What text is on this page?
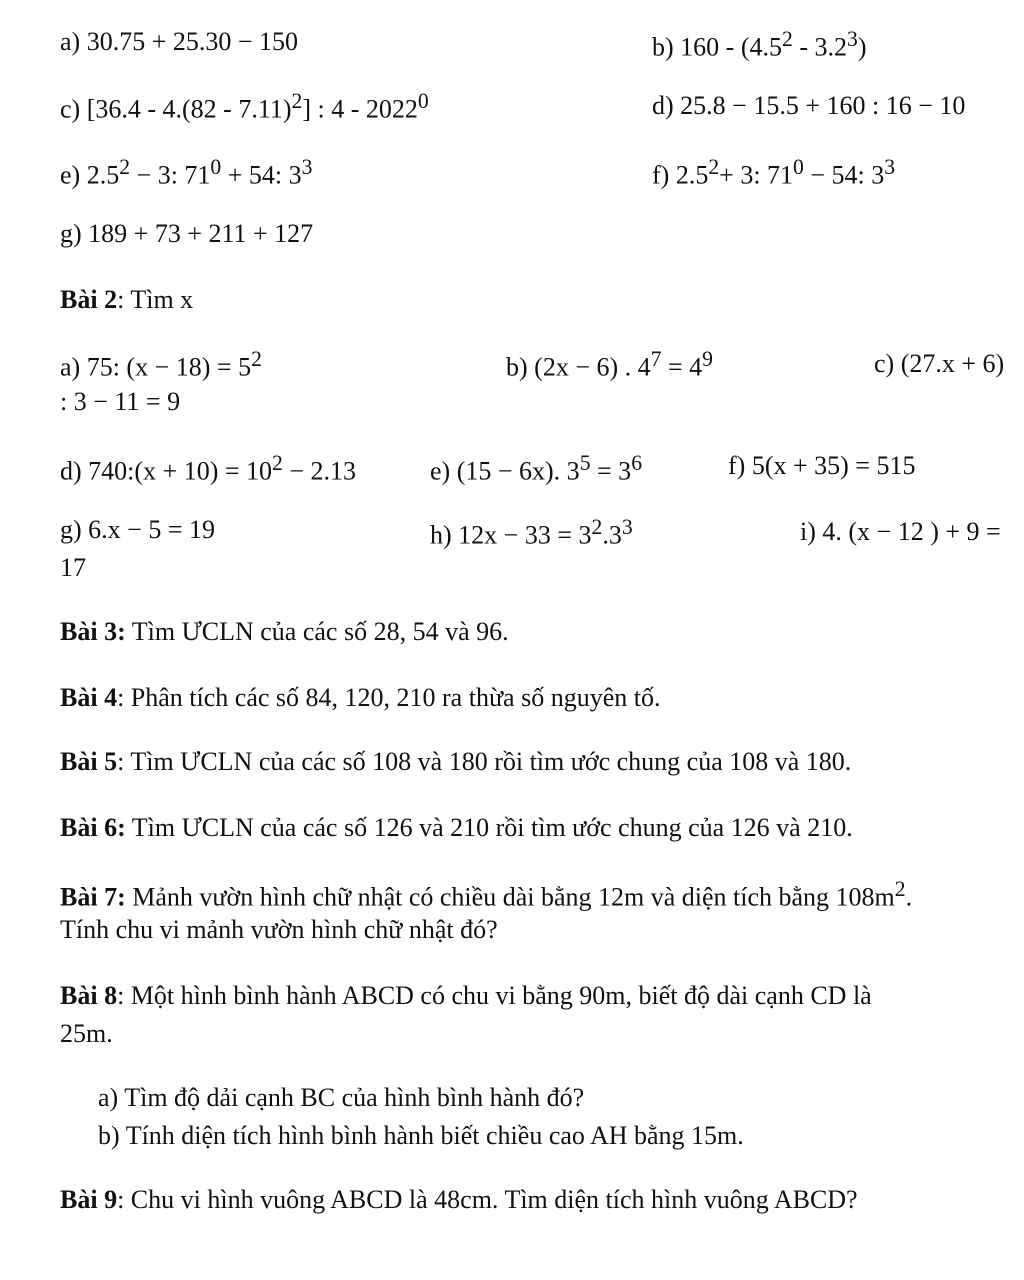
a) 30.75 + 25.30 − 150	b) $160 - (4.5^2 - 3.2^3)$
c) [36.4 - 4.(82 - 7.11)$^2$] : 4 - 2022$^0$	d) 25.8 − 15.5 + 160 : 16 − 10
e) $2.5^2 - 3$: $71^0 + 54$: $3^3$	f) $2.5^2+ 3$: $71^0 - 54$: $3^3$
g) 189 + 73 + 211 + 127
Bài 2: Tìm x
a) 75: $(x - 18) = 5^2$	b) (2x − 6) . $4^7 = 4^9$	c) (27.x + 6)
: 3 − 11 = 9
d) 740:(x + $10) = 10^2 - 2.13$	e) (15 − 6x). $3^5 = 3^6$	f) 5(x + 35) = 515
g) 6.x − 5 = 19	h) $12x - 33 = 3^2.3^3$	i) 4. (x − 12 ) + 9 =
17
Bài 3: Tìm ƯCLN của các số 28, 54 và 96.
Bài 4: Phân tích các số 84, 120, 210 ra thừa số nguyên tố.
Bài 5: Tìm ƯCLN của các số 108 và 180 rồi tìm ước chung của 108 và 180.
Bài 6: Tìm ƯCLN của các số 126 và 210 rồi tìm ước chung của 126 và 210.
Bài 7: Mảnh vườn hình chữ nhật có chiều dài bằng 12m và diện tích bằng $108m^2$.
Tính chu vi mảnh vườn hình chữ nhật đó?
Bài 8: Một hình bình hành ABCD có chu vi bằng 90m, biết độ dài cạnh CD là
25m.
a) Tìm độ dải cạnh BC của hình bình hành đó?
b) Tính diện tích hình bình hành biết chiều cao AH bằng 15m.
Bài 9: Chu vi hình vuông ABCD là 48cm. Tìm diện tích hình vuông ABCD?
